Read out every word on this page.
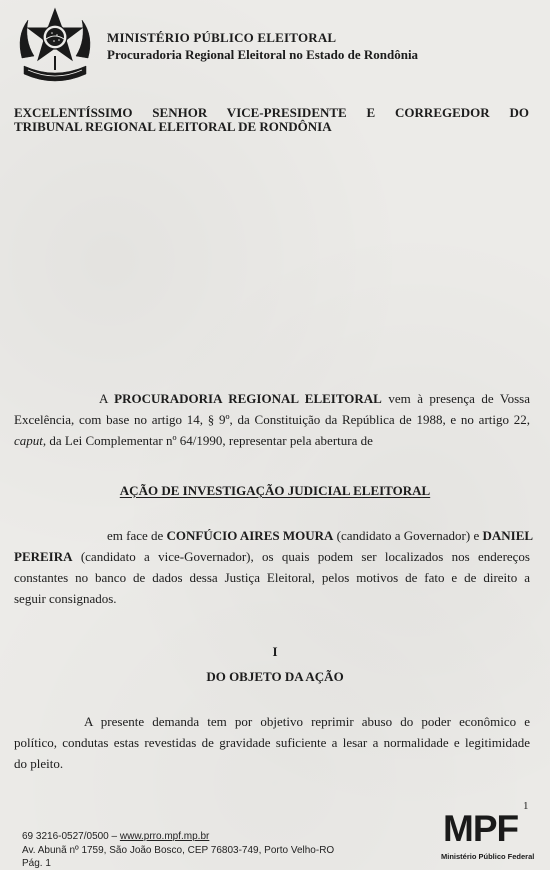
MINISTÉRIO PÚBLICO ELEITORAL
Procuradoria Regional Eleitoral no Estado de Rondônia
EXCELENTÍSSIMO SENHOR VICE-PRESIDENTE E CORREGEDOR DO
TRIBUNAL REGIONAL ELEITORAL DE RONDÔNIA
A PROCURADORIA REGIONAL ELEITORAL vem à presença de Vossa
Excelência, com base no artigo 14, § 9º, da Constituição da República de 1988, e no artigo 22,
caput, da Lei Complementar nº 64/1990, representar pela abertura de
AÇÃO DE INVESTIGAÇÃO JUDICIAL ELEITORAL
em face de CONFÚCIO AIRES MOURA (candidato a Governador) e DANIEL
PEREIRA (candidato a vice-Governador), os quais podem ser localizados nos endereços
constantes no banco de dados dessa Justiça Eleitoral, pelos motivos de fato e de direito a
seguir consignados.
I
DO OBJETO DA AÇÃO
A presente demanda tem por objetivo reprimir abuso do poder econômico e
político, condutas estas revestidas de gravidade suficiente a lesar a normalidade e legitimidade
do pleito.
1
69 3216-0527/0500 – www.prro.mpf.mp.br
Av. Abunã nº 1759, São João Bosco, CEP 76803-749, Porto Velho-RO
Pág. 1
MPF
Ministério Público Federal
